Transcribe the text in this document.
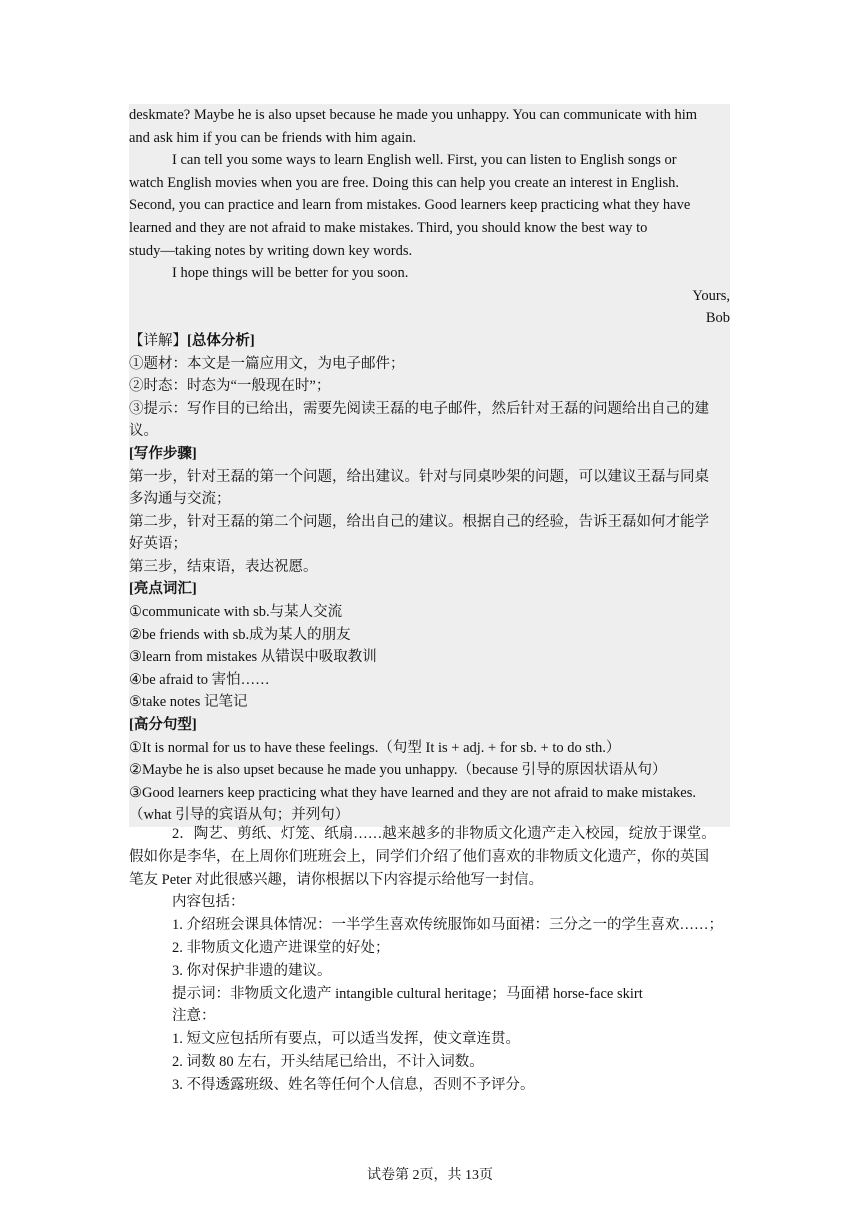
deskmate? Maybe he is also upset because he made you unhappy. You can communicate with him
and ask him if you can be friends with him again.
I can tell you some ways to learn English well. First, you can listen to English songs or
watch English movies when you are free. Doing this can help you create an interest in English.
Second, you can practice and learn from mistakes. Good learners keep practicing what they have
learned and they are not afraid to make mistakes. Third, you should know the best way to
study—taking notes by writing down key words.
I hope things will be better for you soon.
Yours,
Bob
【详解】[总体分析]
①题材：本文是一篇应用文，为电子邮件；
②时态：时态为“一般现在时”；
③提示：写作目的已给出，需要先阅读王磊的电子邮件，然后针对王磊的问题给出自己的建
议。
[写作步骤]
第一步，针对王磊的第一个问题，给出建议。针对与同桌吵架的问题，可以建议王磊与同桌
多沟通与交流；
第二步，针对王磊的第二个问题，给出自己的建议。根据自己的经验，告诉王磊如何才能学
好英语；
第三步，结束语，表达祝愿。
[亮点词汇]
①communicate with sb.与某人交流
②be friends with sb.成为某人的朋友
③learn from mistakes 从错误中吸取教训
④be afraid to 害怕……
⑤take notes 记笔记
[高分句型]
①It is normal for us to have these feelings.（句型 It is + adj. + for sb. + to do sth.）
②Maybe he is also upset because he made you unhappy.（because 引导的原因状语从句）
③Good learners keep practicing what they have learned and they are not afraid to make mistakes.
（what 引导的宾语从句；并列句）
2．陶艺、剪纸、灯笼、纸扇……越来越多的非物质文化遗产走入校园，绽放于课堂。
假如你是李华，在上周你们班班会上，同学们介绍了他们喜欢的非物质文化遗产，你的英国
笔友 Peter 对此很感兴趣，请你根据以下内容提示给他写一封信。
内容包括：
1. 介绍班会课具体情况：一半学生喜欢传统服饰如马面裙：三分之一的学生喜欢……；
2. 非物质文化遗产进课堂的好处；
3. 你对保护非遗的建议。
提示词：非物质文化遗产 intangible cultural heritage；马面裙 horse-face skirt
注意：
1. 短文应包括所有要点，可以适当发挥，使文章连贯。
2. 词数 80 左右，开头结尾已给出，不计入词数。
3. 不得透露班级、姓名等任何个人信息，否则不予评分。
试卷第 2页，共 13页
